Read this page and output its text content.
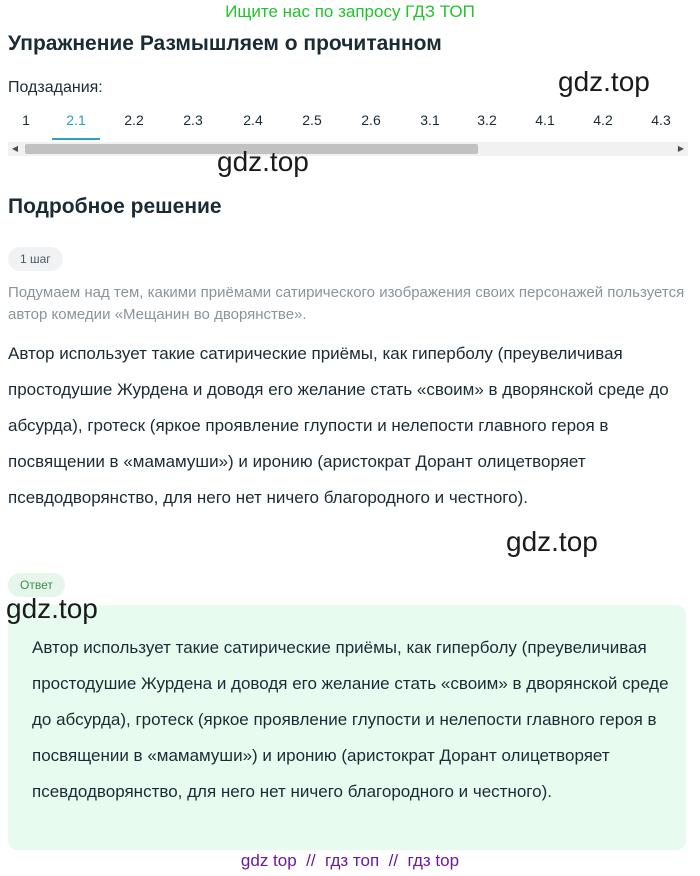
Ищите нас по запросу ГДЗ ТОП
Упражнение Размышляем о прочитанном
Подзадания:	gdz.top
1	2.1	2.2	2.3	2.4	2.5	2.6	3.1	3.2	4.1	4.2	4.3
◀	▶
gdz.top
Подробное решение
1 шаг

Подумаем над тем, какими приёмами сатирического изображения своих персонажей пользуется автор комедии «Мещанин во дворянстве».

Автор использует такие сатирические приёмы, как гиперболу (преувеличивая простодушие Журдена и доводя его желание стать «своим» в дворянской среде до абсурда), гротеск (яркое проявление глупости и нелепости главного героя в посвящении в «мамамуши») и иронию (аристократ Дорант олицетворяет псевдодворянство, для него нет ничего благородного и честного).

gdz.top
Ответ
gdz.top

Автор использует такие сатирические приёмы, как гиперболу (преувеличивая простодушие Журдена и доводя его желание стать «своим» в дворянской среде до абсурда), гротеск (яркое проявление глупости и нелепости главного героя в посвящении в «мамамуши») и иронию (аристократ Дорант олицетворяет псевдодворянство, для него нет ничего благородного и честного).

gdz top // гдз топ // гдз top
